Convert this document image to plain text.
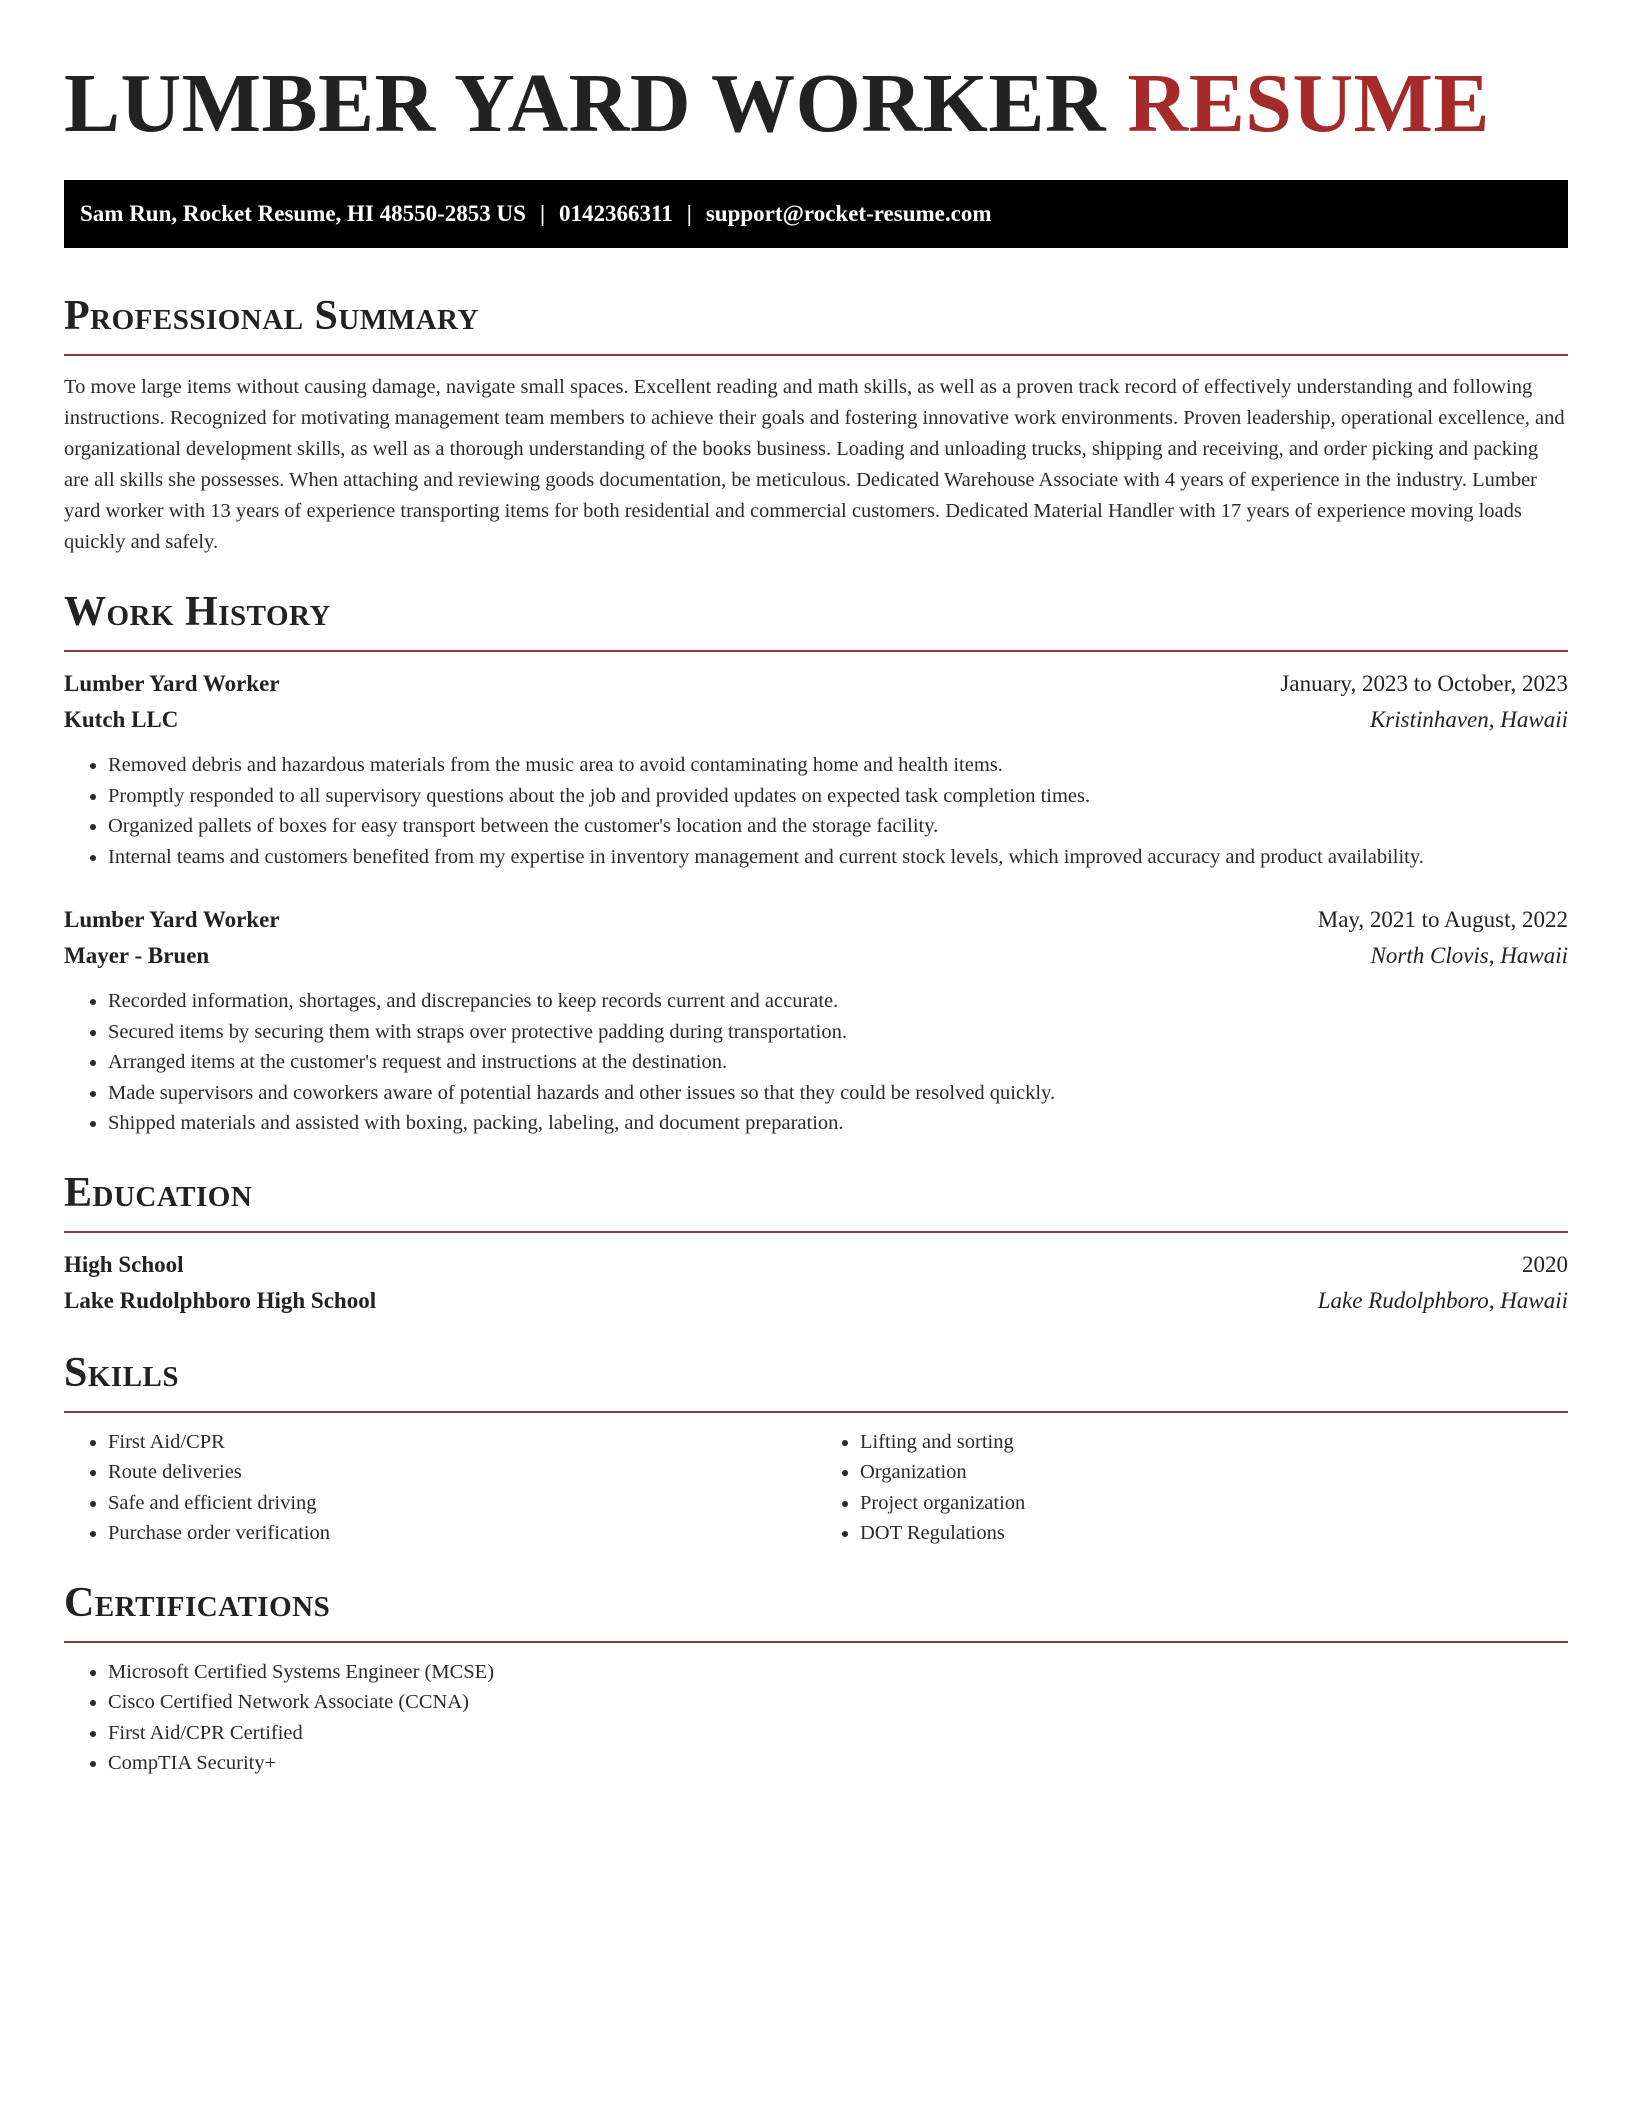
LUMBER YARD WORKER RESUME
Sam Run, Rocket Resume, HI 48550-2853 US | 0142366311 | support@rocket-resume.com
Professional Summary

To move large items without causing damage, navigate small spaces. Excellent reading and math skills, as well as a proven track record of effectively understanding and following instructions. Recognized for motivating management team members to achieve their goals and fostering innovative work environments. Proven leadership, operational excellence, and organizational development skills, as well as a thorough understanding of the books business. Loading and unloading trucks, shipping and receiving, and order picking and packing are all skills she possesses. When attaching and reviewing goods documentation, be meticulous. Dedicated Warehouse Associate with 4 years of experience in the industry. Lumber yard worker with 13 years of experience transporting items for both residential and commercial customers. Dedicated Material Handler with 17 years of experience moving loads quickly and safely.

Work History
Lumber Yard Worker	January, 2023 to October, 2023
Kutch LLC	Kristinhaven, Hawaii
• Removed debris and hazardous materials from the music area to avoid contaminating home and health items.
• Promptly responded to all supervisory questions about the job and provided updates on expected task completion times.
• Organized pallets of boxes for easy transport between the customer's location and the storage facility.
• Internal teams and customers benefited from my expertise in inventory management and current stock levels, which improved accuracy and product availability.
Lumber Yard Worker	May, 2021 to August, 2022
Mayer - Bruen	North Clovis, Hawaii
• Recorded information, shortages, and discrepancies to keep records current and accurate.
• Secured items by securing them with straps over protective padding during transportation.
• Arranged items at the customer's request and instructions at the destination.
• Made supervisors and coworkers aware of potential hazards and other issues so that they could be resolved quickly.
• Shipped materials and assisted with boxing, packing, labeling, and document preparation.
Education
High School	2020
Lake Rudolphboro High School	Lake Rudolphboro, Hawaii
Skills
• First Aid/CPR
• Route deliveries
• Safe and efficient driving
• Purchase order verification
• Lifting and sorting
• Organization
• Project organization
• DOT Regulations
Certifications
• Microsoft Certified Systems Engineer (MCSE)
• Cisco Certified Network Associate (CCNA)
• First Aid/CPR Certified
• CompTIA Security+
